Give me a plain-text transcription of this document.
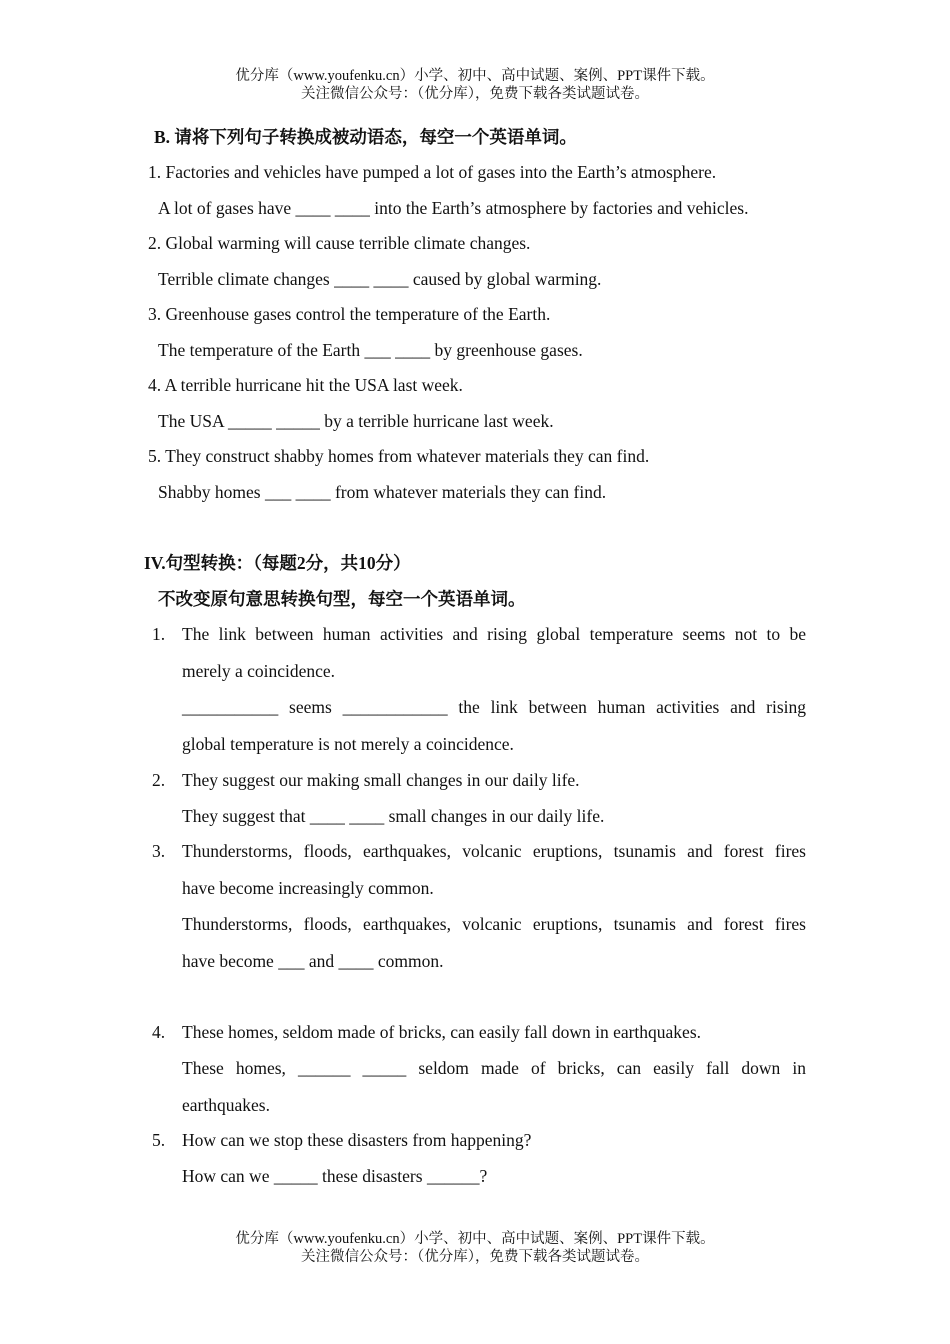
优分库（www.youfenku.cn）小学、初中、高中试题、案例、PPT课件下载。
关注微信公众号：（优分库），免费下载各类试题试卷。
B. 请将下列句子转换成被动语态，每空一个英语单词。
1. Factories and vehicles have pumped a lot of gases into the Earth’s atmosphere.
A lot of gases have ____ ____ into the Earth’s atmosphere by factories and vehicles.
2. Global warming will cause terrible climate changes.
Terrible climate changes ____ ____ caused by global warming.
3. Greenhouse gases control the temperature of the Earth.
The temperature of the Earth ___ ____ by greenhouse gases.
4. A terrible hurricane hit the USA last week.
The USA _____ _____ by a terrible hurricane last week.
5. They construct shabby homes from whatever materials they can find.
Shabby homes ___ ____ from whatever materials they can find.
IV.句型转换：（每题2分，共10分）
不改变原句意思转换句型，每空一个英语单词。
1. The link between human activities and rising global temperature seems not to be
merely a coincidence.
___________ seems ____________ the link between human activities and rising
global temperature is not merely a coincidence.
2. They suggest our making small changes in our daily life.
They suggest that ____ ____ small changes in our daily life.
3. Thunderstorms, floods, earthquakes, volcanic eruptions, tsunamis and forest fires
have become increasingly common.
Thunderstorms, floods, earthquakes, volcanic eruptions, tsunamis and forest fires
have become ___ and ____ common.
4. These homes, seldom made of bricks, can easily fall down in earthquakes.
These homes, ______ _____ seldom made of bricks, can easily fall down in
earthquakes.
5. How can we stop these disasters from happening?
How can we _____ these disasters ______?
优分库（www.youfenku.cn）小学、初中、高中试题、案例、PPT课件下载。
关注微信公众号：（优分库），免费下载各类试题试卷。
